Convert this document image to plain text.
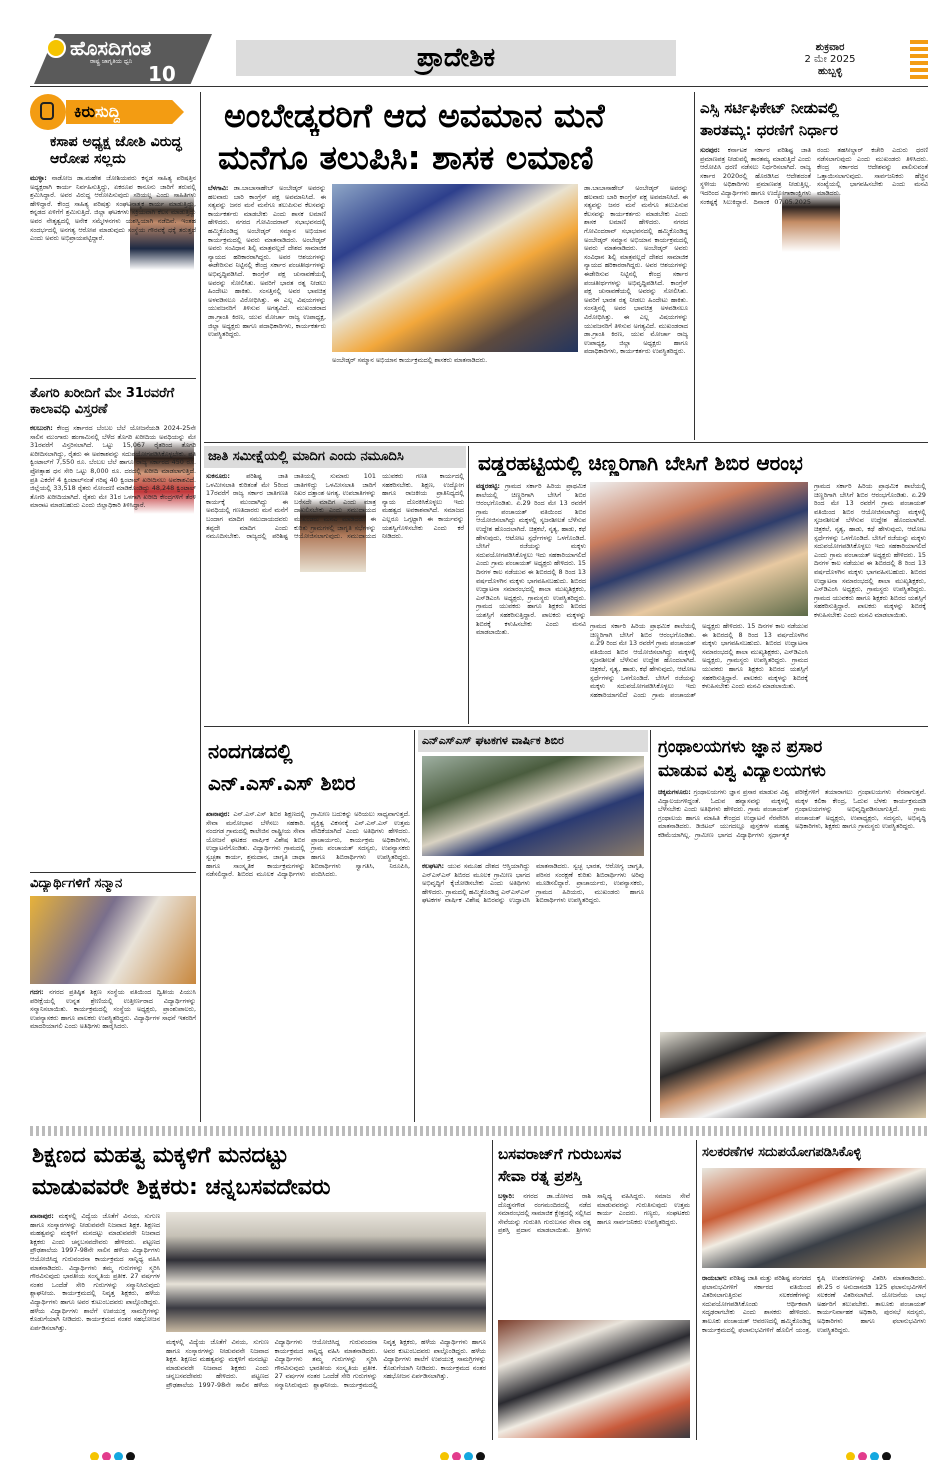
ಹೊಸದಿಗಂತ
ರಾಷ್ಟ್ರ ಜಾಗೃತಿಯ ಧ್ವನಿ
10
ಪ್ರಾದೇಶಿಕ	ಶುಕ್ರವಾರ
2 ಮೇ 2025
ಹುಬ್ಬಳ್ಳಿ
ಕಿರುಸುದ್ದಿ
ಕಸಾಪ ಅಧ್ಯಕ್ಷ ಜೋಶಿ ವಿರುದ್ಧ ಆರೋಪ ಸಲ್ಲದು
ಮುಳ್ಳಾ: ನಾಡೋಜ ಡಾ.ಮಹೇಶ ಜೋಶಿಯವರು ಕನ್ನಡ ಸಾಹಿತ್ಯ ಪರಿಷತ್ತಿನ ಅಧ್ಯಕ್ಷರಾಗಿ ಕಾರ್ಯ ನಿರ್ವಹಿಸುತ್ತಿದ್ದು, ಏಕರೂಪ ಕಾನೂನು ಜಾರಿಗೆ ತರುವಲ್ಲಿ ಶ್ರಮಿಸಿದ್ದಾರೆ. ಅವರ ವಿರುದ್ಧ ಆರೋಪಿಸುವುದು ಸರಿಯಲ್ಲ ಎಂದು ಸಾಹಿತಿಗಳು ಹೇಳಿದ್ದಾರೆ. ಕೇಂದ್ರ ಸಾಹಿತ್ಯ ಪರಿಷತ್ತು ಸಂಘಟನಾತ್ಮಕ ಕಾರ್ಯ ಮಾಡುತ್ತಿದ್ದು, ಕನ್ನಡದ ಏಳಿಗೆಗೆ ಶ್ರಮಿಸುತ್ತಿದೆ. ಜಿಲ್ಲಾ ಘಟಕಗಳು ಸಕ್ರಿಯವಾಗಿ ಕೆಲಸ ಮಾಡುತ್ತಿದ್ದು ಅವರ ನೇತೃತ್ವದಲ್ಲಿ ಅನೇಕ ಸಮ್ಮೇಳನಗಳು ಯಶಸ್ವಿಯಾಗಿ ನಡೆದಿವೆ. ಇಂತಹ ಸಂದರ್ಭದಲ್ಲಿ ಅನಗತ್ಯ ಆರೋಪ ಮಾಡುವುದು ಸಂಸ್ಥೆಯ ಗೌರವಕ್ಕೆ ಧಕ್ಕೆ ತರುತ್ತದೆ ಎಂದು ಅವರು ಅಭಿಪ್ರಾಯಪಟ್ಟಿದ್ದಾರೆ.
ತೊಗರಿ ಖರೀದಿಗೆ ಮೇ 31ರವರೆಗೆ ಕಾಲಾವಧಿ ವಿಸ್ತರಣೆ
ಕಲಬುರಗಿ: ಕೇಂದ್ರ ಸರ್ಕಾರದ ಬೆಂಬಲ ಬೆಲೆ ಯೋಜನೆಯಡಿ 2024-25ನೇ ಸಾಲಿನ ಮುಂಗಾರು ಹಂಗಾಮಿನಲ್ಲಿ ಬೆಳೆದ ತೊಗರಿ ಖರೀದಿಯ ಅವಧಿಯನ್ನು ಮೇ 31ರವರೆಗೆ ವಿಸ್ತರಿಸಲಾಗಿದೆ. ಒಟ್ಟು 15,067 ರೈತರಿಂದ ತೊಗರಿ ಖರೀದಿಸಲಾಗಿದ್ದು, ರೈತರು ಈ ಅವಕಾಶವನ್ನು ಸದುಪಯೋಗಪಡಿಸಿಕೊಳ್ಳಬೇಕು. ಪ್ರತಿ ಕ್ವಿಂಟಾಲ್‌ಗೆ 7,550 ರೂ. ಬೆಂಬಲ ಬೆಲೆ ಹಾಗೂ ರಾಜ್ಯ ಸರ್ಕಾರದ 450 ರೂ. ಪ್ರೋತ್ಸಾಹ ಧನ ಸೇರಿ ಒಟ್ಟು 8,000 ರೂ. ದರದಲ್ಲಿ ಖರೀದಿ ಮಾಡಲಾಗುತ್ತಿದೆ. ಪ್ರತಿ ಎಕರೆಗೆ 4 ಕ್ವಿಂಟಾಲ್‌ನಂತೆ ಗರಿಷ್ಠ 40 ಕ್ವಿಂಟಾಲ್ ಖರೀದಿಸಲು ಅವಕಾಶವಿದೆ. ಜಿಲ್ಲೆಯಲ್ಲಿ 33,518 ರೈತರು ನೋಂದಣಿ ಮಾಡಿಕೊಂಡಿದ್ದು 48,248 ಕ್ವಿಂಟಾಲ್ ತೊಗರಿ ಖರೀದಿಯಾಗಿದೆ. ರೈತರು ಮೇ 31ರ ಒಳಗಾಗಿ ಖರೀದಿ ಕೇಂದ್ರಗಳಿಗೆ ತೆರಳಿ ಮಾರಾಟ ಮಾಡಬಹುದು ಎಂದು ಜಿಲ್ಲಾಧಿಕಾರಿ ತಿಳಿಸಿದ್ದಾರೆ.
ವಿದ್ಯಾರ್ಥಿಗಳಿಗೆ ಸನ್ಮಾನ
ಗದಗ: ನಗರದ ಪ್ರತಿಷ್ಠಿತ ಶಿಕ್ಷಣ ಸಂಸ್ಥೆಯ ವತಿಯಿಂದ ದ್ವಿತೀಯ ಪಿಯುಸಿ ಪರೀಕ್ಷೆಯಲ್ಲಿ ಉನ್ನತ ಶ್ರೇಣಿಯಲ್ಲಿ ಉತ್ತೀರ್ಣರಾದ ವಿದ್ಯಾರ್ಥಿಗಳನ್ನು ಸನ್ಮಾನಿಸಲಾಯಿತು. ಕಾರ್ಯಕ್ರಮದಲ್ಲಿ ಸಂಸ್ಥೆಯ ಅಧ್ಯಕ್ಷರು, ಪ್ರಾಂಶುಪಾಲರು, ಉಪನ್ಯಾಸಕರು ಹಾಗೂ ಪಾಲಕರು ಉಪಸ್ಥಿತರಿದ್ದರು. ವಿದ್ಯಾರ್ಥಿಗಳ ಸಾಧನೆ ಇತರರಿಗೆ ಮಾದರಿಯಾಗಲಿ ಎಂದು ಅತಿಥಿಗಳು ಹಾರೈಸಿದರು.
ಅಂಬೇಡ್ಕರರಿಗೆ ಆದ ಅವಮಾನ ಮನೆ
ಮನೆಗೂ ತಲುಪಿಸಿ: ಶಾಸಕ ಲಮಾಣಿ
ಬೆಳಗಾವಿ: ಡಾ.ಬಾಬಾಸಾಹೇಬ್ ಅಂಬೇಡ್ಕರ್ ಅವರನ್ನು ಹಲವಾರು ಬಾರಿ ಕಾಂಗ್ರೆಸ್ ಪಕ್ಷ ಅವಮಾನಿಸಿದೆ. ಈ ಸತ್ಯವನ್ನು ಜನರ ಮನೆ ಮನೆಗೂ ತಲುಪಿಸುವ ಕೆಲಸವನ್ನು ಕಾರ್ಯಕರ್ತರು ಮಾಡಬೇಕು ಎಂದು ಶಾಸಕ ಲಮಾಣಿ ಹೇಳಿದರು. ನಗರದ ಗೋವಿಂದರಾವ್ ಸಭಾಭವನದಲ್ಲಿ ಹಮ್ಮಿಕೊಂಡಿದ್ದ ಅಂಬೇಡ್ಕರ್ ಸಮ್ಮಾನ ಅಭಿಯಾನ ಕಾರ್ಯಕ್ರಮದಲ್ಲಿ ಅವರು ಮಾತನಾಡಿದರು. ಅಂಬೇಡ್ಕರ್ ಅವರು ಸಂವಿಧಾನ ಶಿಲ್ಪಿ ಮಾತ್ರವಲ್ಲದೆ ದೇಶದ ಸಾಮಾಜಿಕ ನ್ಯಾಯದ ಹರಿಕಾರರಾಗಿದ್ದರು. ಅವರ ಆಶಯಗಳನ್ನು ಈಡೇರಿಸುವ ನಿಟ್ಟಿನಲ್ಲಿ ಕೇಂದ್ರ ಸರ್ಕಾರ ಪಂಚತೀರ್ಥಗಳನ್ನು ಅಭಿವೃದ್ಧಿಪಡಿಸಿದೆ. ಕಾಂಗ್ರೆಸ್ ಪಕ್ಷ ಚುನಾವಣೆಯಲ್ಲಿ ಅವರನ್ನು ಸೋಲಿಸಿತು. ಅವರಿಗೆ ಭಾರತ ರತ್ನ ನೀಡಲು ಹಿಂದೇಟು ಹಾಕಿತು. ಸಂಸತ್ತಿನಲ್ಲಿ ಅವರ ಭಾವಚಿತ್ರ ಅಳವಡಿಸಲೂ ವಿರೋಧಿಸಿತ್ತು. ಈ ಎಲ್ಲ ವಿಷಯಗಳನ್ನು ಯುವಜನರಿಗೆ ತಿಳಿಸುವ ಅಗತ್ಯವಿದೆ. ಮುಖಂಡರಾದ ಡಾ.ಗ್ರಾಂತಿ ಕಿರಣ, ಯುವ ಮೋರ್ಚಾ ರಾಜ್ಯ ಉಪಾಧ್ಯಕ್ಷ, ಜಿಲ್ಲಾ ಅಧ್ಯಕ್ಷರು ಹಾಗೂ ಪದಾಧಿಕಾರಿಗಳು, ಕಾರ್ಯಕರ್ತರು ಉಪಸ್ಥಿತರಿದ್ದರು.
ಅಂಬೇಡ್ಕರ್ ಸಮ್ಮಾನ ಅಭಿಯಾನ ಕಾರ್ಯಕ್ರಮದಲ್ಲಿ ಶಾಸಕರು ಮಾತನಾಡಿದರು.
ಡಾ.ಬಾಬಾಸಾಹೇಬ್ ಅಂಬೇಡ್ಕರ್ ಅವರನ್ನು ಹಲವಾರು ಬಾರಿ ಕಾಂಗ್ರೆಸ್ ಪಕ್ಷ ಅವಮಾನಿಸಿದೆ. ಈ ಸತ್ಯವನ್ನು ಜನರ ಮನೆ ಮನೆಗೂ ತಲುಪಿಸುವ ಕೆಲಸವನ್ನು ಕಾರ್ಯಕರ್ತರು ಮಾಡಬೇಕು ಎಂದು ಶಾಸಕ ಲಮಾಣಿ ಹೇಳಿದರು. ನಗರದ ಗೋವಿಂದರಾವ್ ಸಭಾಭವನದಲ್ಲಿ ಹಮ್ಮಿಕೊಂಡಿದ್ದ ಅಂಬೇಡ್ಕರ್ ಸಮ್ಮಾನ ಅಭಿಯಾನ ಕಾರ್ಯಕ್ರಮದಲ್ಲಿ ಅವರು ಮಾತನಾಡಿದರು. ಅಂಬೇಡ್ಕರ್ ಅವರು ಸಂವಿಧಾನ ಶಿಲ್ಪಿ ಮಾತ್ರವಲ್ಲದೆ ದೇಶದ ಸಾಮಾಜಿಕ ನ್ಯಾಯದ ಹರಿಕಾರರಾಗಿದ್ದರು. ಅವರ ಆಶಯಗಳನ್ನು ಈಡೇರಿಸುವ ನಿಟ್ಟಿನಲ್ಲಿ ಕೇಂದ್ರ ಸರ್ಕಾರ ಪಂಚತೀರ್ಥಗಳನ್ನು ಅಭಿವೃದ್ಧಿಪಡಿಸಿದೆ. ಕಾಂಗ್ರೆಸ್ ಪಕ್ಷ ಚುನಾವಣೆಯಲ್ಲಿ ಅವರನ್ನು ಸೋಲಿಸಿತು. ಅವರಿಗೆ ಭಾರತ ರತ್ನ ನೀಡಲು ಹಿಂದೇಟು ಹಾಕಿತು. ಸಂಸತ್ತಿನಲ್ಲಿ ಅವರ ಭಾವಚಿತ್ರ ಅಳವಡಿಸಲೂ ವಿರೋಧಿಸಿತ್ತು. ಈ ಎಲ್ಲ ವಿಷಯಗಳನ್ನು ಯುವಜನರಿಗೆ ತಿಳಿಸುವ ಅಗತ್ಯವಿದೆ. ಮುಖಂಡರಾದ ಡಾ.ಗ್ರಾಂತಿ ಕಿರಣ, ಯುವ ಮೋರ್ಚಾ ರಾಜ್ಯ ಉಪಾಧ್ಯಕ್ಷ, ಜಿಲ್ಲಾ ಅಧ್ಯಕ್ಷರು ಹಾಗೂ ಪದಾಧಿಕಾರಿಗಳು, ಕಾರ್ಯಕರ್ತರು ಉಪಸ್ಥಿತರಿದ್ದರು.
ಎಸ್ಸಿ ಸರ್ಟಿಫಿಕೇಟ್ ನೀಡುವಲ್ಲಿ
ತಾರತಮ್ಯ: ಧರಣಿಗೆ ನಿರ್ಧಾರ
ಸುರಪುರ: ಕರ್ನಾಟಕ ಸರ್ಕಾರ ಪರಿಶಿಷ್ಟ ಜಾತಿ ಪ್ರಮಾಣಪತ್ರ ನೀಡುವಲ್ಲಿ ತಾರತಮ್ಯ ಮಾಡುತ್ತಿದೆ ಎಂದು ಆರೋಪಿಸಿ ಧರಣಿ ನಡೆಸಲು ನಿರ್ಧರಿಸಲಾಗಿದೆ. ರಾಜ್ಯ ಸರ್ಕಾರ 2020ರಲ್ಲಿ ಹೊರಡಿಸಿದ ಆದೇಶದಂತೆ ಸ್ಥಳೀಯ ಅಧಿಕಾರಿಗಳು ಪ್ರಮಾಣಪತ್ರ ನೀಡುತ್ತಿಲ್ಲ. ಇದರಿಂದ ವಿದ್ಯಾರ್ಥಿಗಳು ಹಾಗೂ ಉದ್ಯೋಗಾಕಾಂಕ್ಷಿಗಳು ಸಂಕಷ್ಟಕ್ಕೆ ಸಿಲುಕಿದ್ದಾರೆ. ದಿನಾಂಕ 07.05.2025 ರಂದು ತಹಸೀಲ್ದಾರ್ ಕಚೇರಿ ಎದುರು ಧರಣಿ ನಡೆಸಲಾಗುವುದು ಎಂದು ಮುಖಂಡರು ತಿಳಿಸಿದರು. ಕೇಂದ್ರ ಸರ್ಕಾರದ ಆದೇಶವನ್ನು ಪಾಲಿಸುವಂತೆ ಒತ್ತಾಯಿಸಲಾಗುವುದು. ಸಾರ್ವಜನಿಕರು ಹೆಚ್ಚಿನ ಸಂಖ್ಯೆಯಲ್ಲಿ ಭಾಗವಹಿಸಬೇಕು ಎಂದು ಮನವಿ ಮಾಡಿದರು.
ಜಾತಿ ಸಮೀಕ್ಷೆಯಲ್ಲಿ ಮಾದಿಗ ಎಂದು ನಮೂದಿಸಿ
ಸುಕನೂರು:	ಪರಿಶಿಷ್ಟ ಜಾತಿ ಒಳಮೀಸಲಾತಿ ಕುರಿತಂತೆ ಮೇ 5ರಿಂದ 17ರವರೆಗೆ ರಾಜ್ಯ ಸರ್ಕಾರ ಜಾತಿಗಣತಿ ಕಾರ್ಯಕ್ಕೆ ಮುಂದಾಗಿದ್ದು ಈ ಅವಧಿಯಲ್ಲಿ ಗಣತಿದಾರರು ಮನೆ ಮನೆಗೆ ಬಂದಾಗ ಮಾದಿಗ ಸಮುದಾಯದವರು ತಪ್ಪದೇ ಮಾದಿಗ ಎಂದು ನಮೂದಿಸಬೇಕು. ರಾಜ್ಯದಲ್ಲಿ ಪರಿಶಿಷ್ಟ ಜಾತಿಯಲ್ಲಿ ಸುಮಾರು 101 ಜಾತಿಗಳಿದ್ದು ಒಳಮೀಸಲಾತಿ ಜಾರಿಗೆ ನಿಖರ ದತ್ತಾಂಶ ಅಗತ್ಯ. ಉಪಜಾತಿಗಳನ್ನು ಬರೆಸದೇ ಮಾದಿಗ ಎಂದು ಮಾತ್ರ ದಾಖಲಿಸಬೇಕು ಎಂದು ಸಮುದಾಯದ ಮುಖಂಡರು ಮನವಿ ಮಾಡಿದರು. ಈ ಕುರಿತು ಗ್ರಾಮಗಳಲ್ಲಿ ಜಾಗೃತಿ ಸಭೆಗಳನ್ನು ಆಯೋಜಿಸಲಾಗುವುದು. ಸಮುದಾಯದ ಯುವಕರು ಗಣತಿ ಕಾರ್ಯದಲ್ಲಿ ಸಹಕರಿಸಬೇಕು. ಶಿಕ್ಷಣ, ಉದ್ಯೋಗ ಹಾಗೂ ರಾಜಕೀಯ ಪ್ರಾತಿನಿಧ್ಯದಲ್ಲಿ ನ್ಯಾಯ ದೊರಕಿಸಿಕೊಳ್ಳಲು ಇದು ಮಹತ್ವದ ಅವಕಾಶವಾಗಿದೆ. ಸಮಾಜದ ಎಲ್ಲರೂ ಒಗ್ಗಟ್ಟಾಗಿ ಈ ಕಾರ್ಯವನ್ನು ಯಶಸ್ವಿಗೊಳಿಸಬೇಕು ಎಂದು ಕರೆ ನೀಡಿದರು.
ವಡ್ಡರಹಟ್ಟಿಯಲ್ಲಿ ಚಿಣ್ಣರಿಗಾಗಿ ಬೇಸಿಗೆ ಶಿಬಿರ ಆರಂಭ
ವಡ್ಡರಹಟ್ಟಿ: ಗ್ರಾಮದ ಸರ್ಕಾರಿ ಹಿರಿಯ ಪ್ರಾಥಮಿಕ ಶಾಲೆಯಲ್ಲಿ ಚಿಣ್ಣರಿಗಾಗಿ ಬೇಸಿಗೆ ಶಿಬಿರ ಆರಂಭಗೊಂಡಿತು. ಏ.29 ರಿಂದ ಮೇ 13 ರವರೆಗೆ ಗ್ರಾಮ ಪಂಚಾಯತ್ ವತಿಯಿಂದ ಶಿಬಿರ ಆಯೋಜಿಸಲಾಗಿದ್ದು ಮಕ್ಕಳಲ್ಲಿ ಸೃಜನಶೀಲತೆ ಬೆಳೆಸುವ ಉದ್ದೇಶ ಹೊಂದಲಾಗಿದೆ. ಚಿತ್ರಕಲೆ, ನೃತ್ಯ, ಹಾಡು, ಕಥೆ ಹೇಳುವುದು, ಆಟೋಟ ಸ್ಪರ್ಧೆಗಳನ್ನು ಒಳಗೊಂಡಿದೆ. ಬೇಸಿಗೆ ರಜೆಯನ್ನು ಮಕ್ಕಳು ಸದುಪಯೋಗಪಡಿಸಿಕೊಳ್ಳಲು ಇದು ಸಹಕಾರಿಯಾಗಲಿದೆ ಎಂದು ಗ್ರಾಮ ಪಂಚಾಯತ್ ಅಧ್ಯಕ್ಷರು ಹೇಳಿದರು. 15 ದಿನಗಳ ಕಾಲ ನಡೆಯುವ ಈ ಶಿಬಿರದಲ್ಲಿ 8 ರಿಂದ 13 ವರ್ಷದೊಳಗಿನ ಮಕ್ಕಳು ಭಾಗವಹಿಸಬಹುದು. ಶಿಬಿರದ ಉದ್ಘಾಟನಾ ಸಮಾರಂಭದಲ್ಲಿ ಶಾಲಾ ಮುಖ್ಯಶಿಕ್ಷಕರು, ಎಸ್‌ಡಿಎಂಸಿ ಅಧ್ಯಕ್ಷರು, ಗ್ರಾಮಸ್ಥರು ಉಪಸ್ಥಿತರಿದ್ದರು. ಗ್ರಾಮದ ಯುವಕರು ಹಾಗೂ ಶಿಕ್ಷಕರು ಶಿಬಿರದ ಯಶಸ್ಸಿಗೆ ಸಹಕರಿಸುತ್ತಿದ್ದಾರೆ. ಪಾಲಕರು ಮಕ್ಕಳನ್ನು ಶಿಬಿರಕ್ಕೆ ಕಳುಹಿಸಬೇಕು ಎಂದು ಮನವಿ ಮಾಡಲಾಯಿತು.
ಗ್ರಾಮದ ಸರ್ಕಾರಿ ಹಿರಿಯ ಪ್ರಾಥಮಿಕ ಶಾಲೆಯಲ್ಲಿ ಚಿಣ್ಣರಿಗಾಗಿ ಬೇಸಿಗೆ ಶಿಬಿರ ಆರಂಭಗೊಂಡಿತು. ಏ.29 ರಿಂದ ಮೇ 13 ರವರೆಗೆ ಗ್ರಾಮ ಪಂಚಾಯತ್ ವತಿಯಿಂದ ಶಿಬಿರ ಆಯೋಜಿಸಲಾಗಿದ್ದು ಮಕ್ಕಳಲ್ಲಿ ಸೃಜನಶೀಲತೆ ಬೆಳೆಸುವ ಉದ್ದೇಶ ಹೊಂದಲಾಗಿದೆ. ಚಿತ್ರಕಲೆ, ನೃತ್ಯ, ಹಾಡು, ಕಥೆ ಹೇಳುವುದು, ಆಟೋಟ ಸ್ಪರ್ಧೆಗಳನ್ನು ಒಳಗೊಂಡಿದೆ. ಬೇಸಿಗೆ ರಜೆಯನ್ನು ಮಕ್ಕಳು ಸದುಪಯೋಗಪಡಿಸಿಕೊಳ್ಳಲು ಇದು ಸಹಕಾರಿಯಾಗಲಿದೆ ಎಂದು ಗ್ರಾಮ ಪಂಚಾಯತ್ ಅಧ್ಯಕ್ಷರು ಹೇಳಿದರು. 15 ದಿನಗಳ ಕಾಲ ನಡೆಯುವ ಈ ಶಿಬಿರದಲ್ಲಿ 8 ರಿಂದ 13 ವರ್ಷದೊಳಗಿನ ಮಕ್ಕಳು ಭಾಗವಹಿಸಬಹುದು. ಶಿಬಿರದ ಉದ್ಘಾಟನಾ ಸಮಾರಂಭದಲ್ಲಿ ಶಾಲಾ ಮುಖ್ಯಶಿಕ್ಷಕರು, ಎಸ್‌ಡಿಎಂಸಿ ಅಧ್ಯಕ್ಷರು, ಗ್ರಾಮಸ್ಥರು ಉಪಸ್ಥಿತರಿದ್ದರು. ಗ್ರಾಮದ ಯುವಕರು ಹಾಗೂ ಶಿಕ್ಷಕರು ಶಿಬಿರದ ಯಶಸ್ಸಿಗೆ ಸಹಕರಿಸುತ್ತಿದ್ದಾರೆ. ಪಾಲಕರು ಮಕ್ಕಳನ್ನು ಶಿಬಿರಕ್ಕೆ ಕಳುಹಿಸಬೇಕು ಎಂದು ಮನವಿ ಮಾಡಲಾಯಿತು.
ಗ್ರಾಮದ ಸರ್ಕಾರಿ ಹಿರಿಯ ಪ್ರಾಥಮಿಕ ಶಾಲೆಯಲ್ಲಿ ಚಿಣ್ಣರಿಗಾಗಿ ಬೇಸಿಗೆ ಶಿಬಿರ ಆರಂಭಗೊಂಡಿತು. ಏ.29 ರಿಂದ ಮೇ 13 ರವರೆಗೆ ಗ್ರಾಮ ಪಂಚಾಯತ್ ವತಿಯಿಂದ ಶಿಬಿರ ಆಯೋಜಿಸಲಾಗಿದ್ದು ಮಕ್ಕಳಲ್ಲಿ ಸೃಜನಶೀಲತೆ ಬೆಳೆಸುವ ಉದ್ದೇಶ ಹೊಂದಲಾಗಿದೆ. ಚಿತ್ರಕಲೆ, ನೃತ್ಯ, ಹಾಡು, ಕಥೆ ಹೇಳುವುದು, ಆಟೋಟ ಸ್ಪರ್ಧೆಗಳನ್ನು ಒಳಗೊಂಡಿದೆ. ಬೇಸಿಗೆ ರಜೆಯನ್ನು ಮಕ್ಕಳು ಸದುಪಯೋಗಪಡಿಸಿಕೊಳ್ಳಲು ಇದು ಸಹಕಾರಿಯಾಗಲಿದೆ ಎಂದು ಗ್ರಾಮ ಪಂಚಾಯತ್ ಅಧ್ಯಕ್ಷರು ಹೇಳಿದರು. 15 ದಿನಗಳ ಕಾಲ ನಡೆಯುವ ಈ ಶಿಬಿರದಲ್ಲಿ 8 ರಿಂದ 13 ವರ್ಷದೊಳಗಿನ ಮಕ್ಕಳು ಭಾಗವಹಿಸಬಹುದು. ಶಿಬಿರದ ಉದ್ಘಾಟನಾ ಸಮಾರಂಭದಲ್ಲಿ ಶಾಲಾ ಮುಖ್ಯಶಿಕ್ಷಕರು, ಎಸ್‌ಡಿಎಂಸಿ ಅಧ್ಯಕ್ಷರು, ಗ್ರಾಮಸ್ಥರು ಉಪಸ್ಥಿತರಿದ್ದರು. ಗ್ರಾಮದ ಯುವಕರು ಹಾಗೂ ಶಿಕ್ಷಕರು ಶಿಬಿರದ ಯಶಸ್ಸಿಗೆ ಸಹಕರಿಸುತ್ತಿದ್ದಾರೆ. ಪಾಲಕರು ಮಕ್ಕಳನ್ನು ಶಿಬಿರಕ್ಕೆ ಕಳುಹಿಸಬೇಕು ಎಂದು ಮನವಿ ಮಾಡಲಾಯಿತು.
ನಂದಗಡದಲ್ಲಿ
ಎನ್.ಎಸ್.ಎಸ್ ಶಿಬಿರ
ಖಾನಾಪುರ: ಎನ್.ಎಸ್.ಎಸ್ ಶಿಬಿರ ಶಿಕ್ಷಣದಲ್ಲಿ ಸೇವಾ ಮನೋಭಾವ ಬೆಳೆಸಲು ಸಹಕಾರಿ. ನಂದಗಡ ಗ್ರಾಮದಲ್ಲಿ ಕಾಲೇಜಿನ ರಾಷ್ಟ್ರೀಯ ಸೇವಾ ಯೋಜನೆ ಘಟಕದ ವಾರ್ಷಿಕ ವಿಶೇಷ ಶಿಬಿರ ಉದ್ಘಾಟನೆಗೊಂಡಿತು. ವಿದ್ಯಾರ್ಥಿಗಳು ಗ್ರಾಮದಲ್ಲಿ ಸ್ವಚ್ಛತಾ ಕಾರ್ಯ, ಶ್ರಮದಾನ, ಜಾಗೃತಿ ಜಾಥಾ ಹಾಗೂ ಸಾಂಸ್ಕೃತಿಕ ಕಾರ್ಯಕ್ರಮಗಳನ್ನು ನಡೆಸಲಿದ್ದಾರೆ. ಶಿಬಿರದ ಮೂಲಕ ವಿದ್ಯಾರ್ಥಿಗಳು ಗ್ರಾಮೀಣ ಬದುಕನ್ನು ಅರಿಯಲು ಸಾಧ್ಯವಾಗುತ್ತದೆ. ವ್ಯಕ್ತಿತ್ವ ವಿಕಸನಕ್ಕೆ ಎನ್.ಎಸ್.ಎಸ್ ಉತ್ತಮ ವೇದಿಕೆಯಾಗಿದೆ ಎಂದು ಅತಿಥಿಗಳು ಹೇಳಿದರು. ಪ್ರಾಚಾರ್ಯರು, ಕಾರ್ಯಕ್ರಮ ಅಧಿಕಾರಿಗಳು, ಗ್ರಾಮ ಪಂಚಾಯತ್ ಸದಸ್ಯರು, ಉಪನ್ಯಾಸಕರು ಹಾಗೂ ಶಿಬಿರಾರ್ಥಿಗಳು ಉಪಸ್ಥಿತರಿದ್ದರು. ಶಿಬಿರಾರ್ಥಿಗಳು ಸ್ವಾಗತಿಸಿ, ನಿರೂಪಿಸಿ, ವಂದಿಸಿದರು.
ಎನ್ಎಸ್ಎಸ್ ಘಟಕಗಳ ವಾರ್ಷಿಕ ಶಿಬಿರ
ಕಲಘಟಗಿ: ಯುವ ಸಮೂಹ ದೇಶದ ಆಸ್ತಿಯಾಗಿದ್ದು ಎನ್ಎಸ್ಎಸ್ ಶಿಬಿರದ ಮೂಲಕ ಗ್ರಾಮೀಣ ಭಾಗದ ಅಭಿವೃದ್ಧಿಗೆ ಕೈಜೋಡಿಸಬೇಕು ಎಂದು ಅತಿಥಿಗಳು ಹೇಳಿದರು. ಗ್ರಾಮದಲ್ಲಿ ಹಮ್ಮಿಕೊಂಡಿದ್ದ ಎನ್ಎಸ್ಎಸ್ ಘಟಕಗಳ ವಾರ್ಷಿಕ ವಿಶೇಷ ಶಿಬಿರವನ್ನು ಉದ್ಘಾಟಿಸಿ ಮಾತನಾಡಿದರು. ಸ್ವಚ್ಛ ಭಾರತ, ಆರೋಗ್ಯ ಜಾಗೃತಿ, ಪರಿಸರ ಸಂರಕ್ಷಣೆ ಕುರಿತು ಶಿಬಿರಾರ್ಥಿಗಳು ಅರಿವು ಮೂಡಿಸಲಿದ್ದಾರೆ. ಪ್ರಾಚಾರ್ಯರು, ಉಪನ್ಯಾಸಕರು, ಗ್ರಾಮದ ಹಿರಿಯರು, ಮುಖಂಡರು ಹಾಗೂ ಶಿಬಿರಾರ್ಥಿಗಳು ಉಪಸ್ಥಿತರಿದ್ದರು.
ಗ್ರಂಥಾಲಯಗಳು ಜ್ಞಾನ ಪ್ರಸಾರ
ಮಾಡುವ ವಿಶ್ವ ವಿದ್ಯಾಲಯಗಳು
ಚಿಕ್ಕಮಗಳೂರು: ಗ್ರಂಥಾಲಯಗಳು ಜ್ಞಾನ ಪ್ರಸಾರ ಮಾಡುವ ವಿಶ್ವ ವಿದ್ಯಾಲಯಗಳಿದ್ದಂತೆ. ಓದುವ ಹವ್ಯಾಸವನ್ನು ಮಕ್ಕಳಲ್ಲಿ ಬೆಳೆಸಬೇಕು ಎಂದು ಅತಿಥಿಗಳು ಹೇಳಿದರು. ಗ್ರಾಮ ಪಂಚಾಯತ್ ಗ್ರಂಥಾಲಯ ಹಾಗೂ ಮಾಹಿತಿ ಕೇಂದ್ರದ ಉದ್ಘಾಟನೆ ನೆರವೇರಿಸಿ ಮಾತನಾಡಿದರು. ಡಿಜಿಟಲ್ ಯುಗದಲ್ಲೂ ಪುಸ್ತಕಗಳ ಮಹತ್ವ ಕಡಿಮೆಯಾಗಿಲ್ಲ. ಗ್ರಾಮೀಣ ಭಾಗದ ವಿದ್ಯಾರ್ಥಿಗಳು ಸ್ಪರ್ಧಾತ್ಮಕ ಪರೀಕ್ಷೆಗಳಿಗೆ ತಯಾರಾಗಲು ಗ್ರಂಥಾಲಯಗಳು ನೆರವಾಗುತ್ತವೆ. ಮಕ್ಕಳ ಕಲಿಕಾ ಕೇಂದ್ರ, ಓದುವ ಬೆಳಕು ಕಾರ್ಯಕ್ರಮದಡಿ ಗ್ರಂಥಾಲಯಗಳನ್ನು ಅಭಿವೃದ್ಧಿಪಡಿಸಲಾಗುತ್ತಿದೆ. ಗ್ರಾಮ ಪಂಚಾಯತ್ ಅಧ್ಯಕ್ಷರು, ಉಪಾಧ್ಯಕ್ಷರು, ಸದಸ್ಯರು, ಅಭಿವೃದ್ಧಿ ಅಧಿಕಾರಿಗಳು, ಶಿಕ್ಷಕರು ಹಾಗೂ ಗ್ರಾಮಸ್ಥರು ಉಪಸ್ಥಿತರಿದ್ದರು.
ಶಿಕ್ಷಣದ ಮಹತ್ವ ಮಕ್ಕಳಿಗೆ ಮನದಟ್ಟು
ಮಾಡುವವರೇ ಶಿಕ್ಷಕರು: ಚನ್ನಬಸವದೇವರು
ಖಾನಾಪುರ: ಮಕ್ಕಳಲ್ಲಿ ವಿದ್ಯೆಯ ಜೊತೆಗೆ ವಿನಯ, ಸುಗುಣ ಹಾಗೂ ಸಂಸ್ಕಾರಗಳನ್ನು ನೀಡುವವನೇ ನಿಜವಾದ ಶಿಕ್ಷಕ. ಶಿಕ್ಷಣದ ಮಹತ್ವವನ್ನು ಮಕ್ಕಳಿಗೆ ಮನದಟ್ಟು ಮಾಡುವವರೇ ನಿಜವಾದ ಶಿಕ್ಷಕರು ಎಂದು ಚನ್ನಬಸವದೇವರು ಹೇಳಿದರು. ಪಟ್ಟಣದ ಪ್ರೌಢಶಾಲೆಯ 1997-98ನೇ ಸಾಲಿನ ಹಳೆಯ ವಿದ್ಯಾರ್ಥಿಗಳು ಆಯೋಜಿಸಿದ್ದ ಗುರುವಂದನಾ ಕಾರ್ಯಕ್ರಮದ ಸಾನ್ನಿಧ್ಯ ವಹಿಸಿ ಮಾತನಾಡಿದರು. ವಿದ್ಯಾರ್ಥಿಗಳು ತಮ್ಮ ಗುರುಗಳನ್ನು ಸ್ಮರಿಸಿ ಗೌರವಿಸುವುದು ಭಾರತೀಯ ಸಂಸ್ಕೃತಿಯ ಪ್ರತೀಕ. 27 ವರ್ಷಗಳ ನಂತರ ಒಂದೆಡೆ ಸೇರಿ ಗುರುಗಳನ್ನು ಸನ್ಮಾನಿಸಿರುವುದು ಶ್ಲಾಘನೀಯ. ಕಾರ್ಯಕ್ರಮದಲ್ಲಿ ನಿವೃತ್ತ ಶಿಕ್ಷಕರು, ಹಳೆಯ ವಿದ್ಯಾರ್ಥಿಗಳು ಹಾಗೂ ಅವರ ಕುಟುಂಬದವರು ಪಾಲ್ಗೊಂಡಿದ್ದರು. ಹಳೆಯ ವಿದ್ಯಾರ್ಥಿಗಳು ಶಾಲೆಗೆ ಉಪಯುಕ್ತ ಸಾಮಗ್ರಿಗಳನ್ನು ಕೊಡುಗೆಯಾಗಿ ನೀಡಿದರು. ಕಾರ್ಯಕ್ರಮದ ನಂತರ ಸಹಭೋಜನ ಏರ್ಪಡಿಸಲಾಗಿತ್ತು.
ಮಕ್ಕಳಲ್ಲಿ ವಿದ್ಯೆಯ ಜೊತೆಗೆ ವಿನಯ, ಸುಗುಣ ಹಾಗೂ ಸಂಸ್ಕಾರಗಳನ್ನು ನೀಡುವವನೇ ನಿಜವಾದ ಶಿಕ್ಷಕ. ಶಿಕ್ಷಣದ ಮಹತ್ವವನ್ನು ಮಕ್ಕಳಿಗೆ ಮನದಟ್ಟು ಮಾಡುವವರೇ ನಿಜವಾದ ಶಿಕ್ಷಕರು ಎಂದು ಚನ್ನಬಸವದೇವರು ಹೇಳಿದರು. ಪಟ್ಟಣದ ಪ್ರೌಢಶಾಲೆಯ 1997-98ನೇ ಸಾಲಿನ ಹಳೆಯ ವಿದ್ಯಾರ್ಥಿಗಳು ಆಯೋಜಿಸಿದ್ದ ಗುರುವಂದನಾ ಕಾರ್ಯಕ್ರಮದ ಸಾನ್ನಿಧ್ಯ ವಹಿಸಿ ಮಾತನಾಡಿದರು. ವಿದ್ಯಾರ್ಥಿಗಳು ತಮ್ಮ ಗುರುಗಳನ್ನು ಸ್ಮರಿಸಿ ಗೌರವಿಸುವುದು ಭಾರತೀಯ ಸಂಸ್ಕೃತಿಯ ಪ್ರತೀಕ. 27 ವರ್ಷಗಳ ನಂತರ ಒಂದೆಡೆ ಸೇರಿ ಗುರುಗಳನ್ನು ಸನ್ಮಾನಿಸಿರುವುದು ಶ್ಲಾಘನೀಯ. ಕಾರ್ಯಕ್ರಮದಲ್ಲಿ ನಿವೃತ್ತ ಶಿಕ್ಷಕರು, ಹಳೆಯ ವಿದ್ಯಾರ್ಥಿಗಳು ಹಾಗೂ ಅವರ ಕುಟುಂಬದವರು ಪಾಲ್ಗೊಂಡಿದ್ದರು. ಹಳೆಯ ವಿದ್ಯಾರ್ಥಿಗಳು ಶಾಲೆಗೆ ಉಪಯುಕ್ತ ಸಾಮಗ್ರಿಗಳನ್ನು ಕೊಡುಗೆಯಾಗಿ ನೀಡಿದರು. ಕಾರ್ಯಕ್ರಮದ ನಂತರ ಸಹಭೋಜನ ಏರ್ಪಡಿಸಲಾಗಿತ್ತು.
ಬಸವರಾಜ್‌ಗೆ ಗುರುಬಸವ
ಸೇವಾ ರತ್ನ ಪ್ರಶಸ್ತಿ
ಬಳ್ಳಾರಿ: ನಗರದ ಡಾ.ಜೋಳದ ರಾಶಿ ದೊಡ್ಡನಗೌಡ ರಂಗಮಂದಿರದಲ್ಲಿ ನಡೆದ ಸಮಾರಂಭದಲ್ಲಿ ಸಾಮಾಜಿಕ ಕ್ಷೇತ್ರದಲ್ಲಿ ಸಲ್ಲಿಸಿದ ಸೇವೆಯನ್ನು ಗುರುತಿಸಿ ಗುರುಬಸವ ಸೇವಾ ರತ್ನ ಪ್ರಶಸ್ತಿ ಪ್ರದಾನ ಮಾಡಲಾಯಿತು. ಶ್ರೀಗಳು ಸಾನ್ನಿಧ್ಯ ವಹಿಸಿದ್ದರು. ಸಮಾಜ ಸೇವೆ ಮಾಡುವವರನ್ನು ಗುರುತಿಸುವುದು ಉತ್ತಮ ಕಾರ್ಯ ಎಂದರು. ಗಣ್ಯರು, ಸಂಘಟಕರು ಹಾಗೂ ಸಾರ್ವಜನಿಕರು ಉಪಸ್ಥಿತರಿದ್ದರು.
ಸಲಕರಣೆಗಳ ಸದುಪಯೋಗಪಡಿಸಿಕೊಳ್ಳಿ
ರಾಯಬಾಗ: ಪರಿಶಿಷ್ಟ ಜಾತಿ ಮತ್ತು ಪರಿಶಿಷ್ಟ ಪಂಗಡದ ಫಲಾನುಭವಿಗಳಿಗೆ ಸರ್ಕಾರದ ವತಿಯಿಂದ ವಿತರಿಸಲಾಗುತ್ತಿರುವ ಸಲಕರಣೆಗಳನ್ನು ಸದುಪಯೋಗಪಡಿಸಿಕೊಂಡು ಆರ್ಥಿಕವಾಗಿ ಸದೃಢರಾಗಬೇಕು ಎಂದು ಶಾಸಕರು ಹೇಳಿದರು. ತಾಲೂಕು ಪಂಚಾಯತ್ ಆವರಣದಲ್ಲಿ ಹಮ್ಮಿಕೊಂಡಿದ್ದ ಕಾರ್ಯಕ್ರಮದಲ್ಲಿ ಫಲಾನುಭವಿಗಳಿಗೆ ಹೊಲಿಗೆ ಯಂತ್ರ, ಕೃಷಿ ಉಪಕರಣಗಳನ್ನು ವಿತರಿಸಿ ಮಾತನಾಡಿದರು. ಶೇ.25 ರ ಅನುದಾನದಡಿ 125 ಫಲಾನುಭವಿಗಳಿಗೆ ಸಲಕರಣೆ ವಿತರಿಸಲಾಗಿದೆ. ಯೋಜನೆಯ ಲಾಭ ಅರ್ಹರಿಗೆ ತಲುಪಬೇಕು. ತಾಲೂಕು ಪಂಚಾಯತ್ ಕಾರ್ಯನಿರ್ವಾಹಕ ಅಧಿಕಾರಿ, ಪುರಸಭೆ ಸದಸ್ಯರು, ಅಧಿಕಾರಿಗಳು ಹಾಗೂ ಫಲಾನುಭವಿಗಳು ಉಪಸ್ಥಿತರಿದ್ದರು.
